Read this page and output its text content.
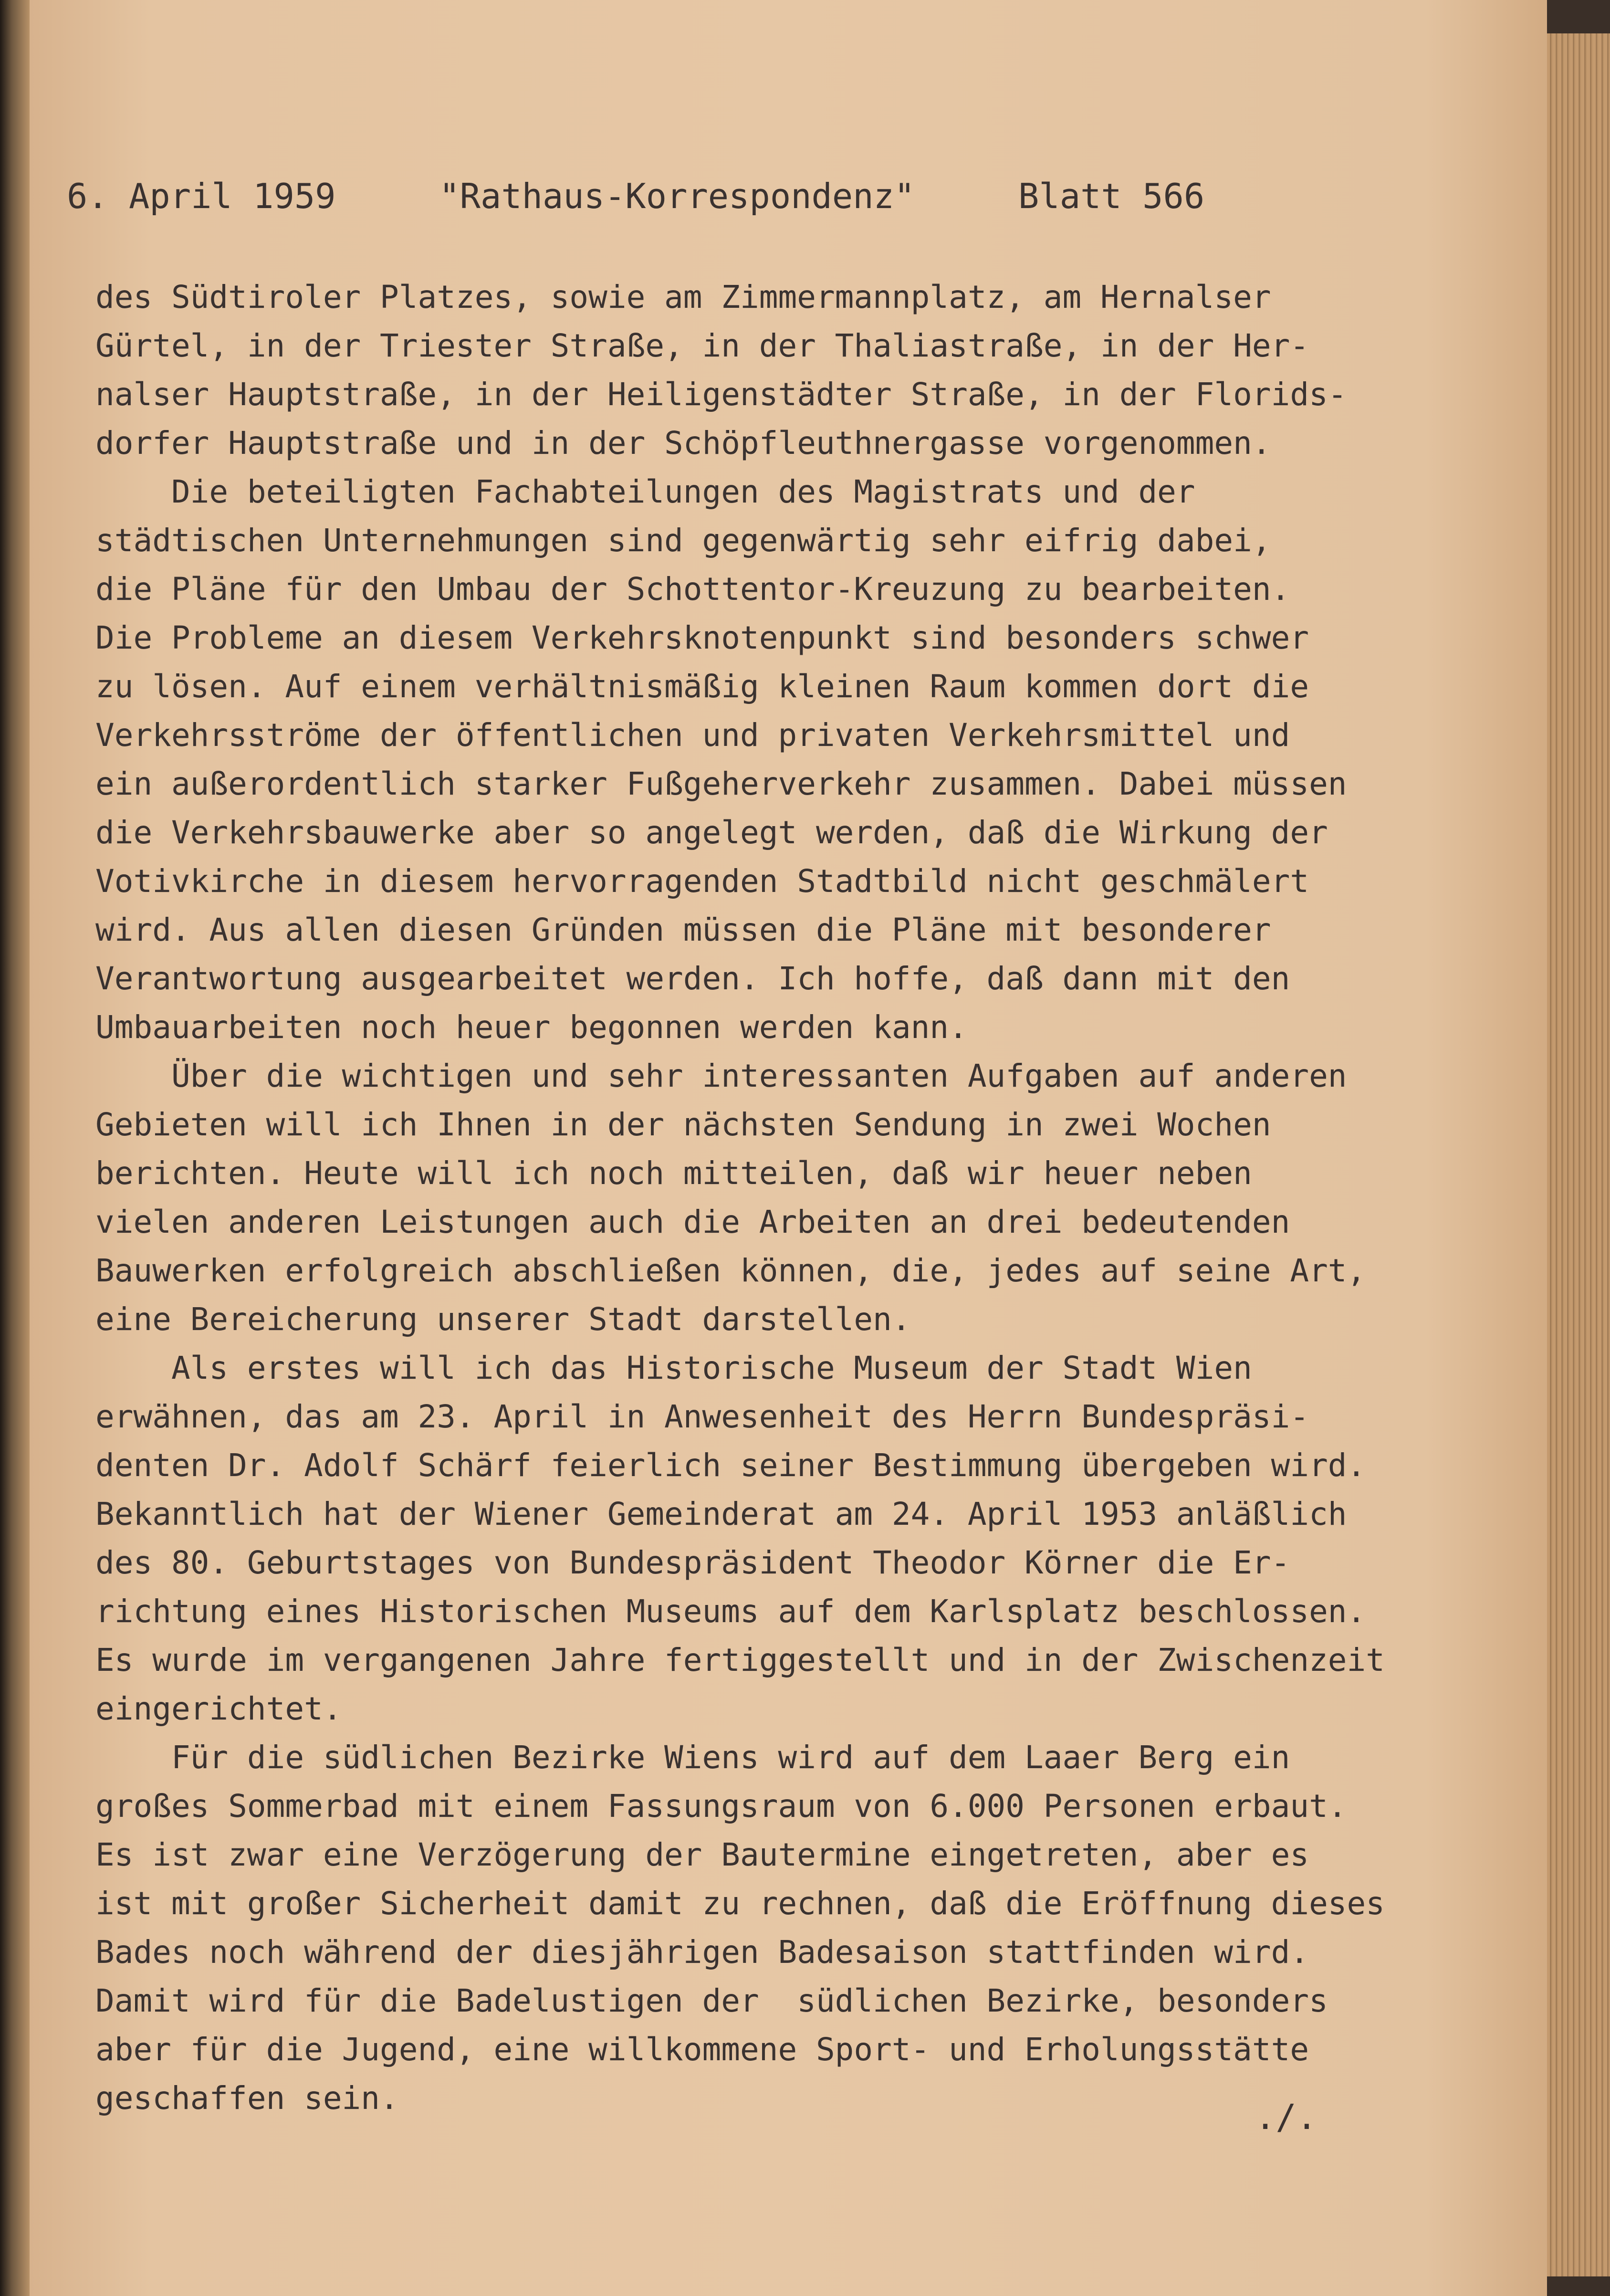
6. April 1959	"Rathaus-Korrespondenz"	Blatt 566
des Südtiroler Platzes, sowie am Zimmermannplatz, am Hernalser
Gürtel, in der Triester Straße, in der Thaliastraße, in der Her-
nalser Hauptstraße, in der Heiligenstädter Straße, in der Florids-
dorfer Hauptstraße und in der Schöpfleuthnergasse vorgenommen.
Die beteiligten Fachabteilungen des Magistrats und der
städtischen Unternehmungen sind gegenwärtig sehr eifrig dabei,
die Pläne für den Umbau der Schottentor-Kreuzung zu bearbeiten.
Die Probleme an diesem Verkehrsknotenpunkt sind besonders schwer
zu lösen. Auf einem verhältnismäßig kleinen Raum kommen dort die
Verkehrsströme der öffentlichen und privaten Verkehrsmittel und
ein außerordentlich starker Fußgeherverkehr zusammen. Dabei müssen
die Verkehrsbauwerke aber so angelegt werden, daß die Wirkung der
Votivkirche in diesem hervorragenden Stadtbild nicht geschmälert
wird. Aus allen diesen Gründen müssen die Pläne mit besonderer
Verantwortung ausgearbeitet werden. Ich hoffe, daß dann mit den
Umbauarbeiten noch heuer begonnen werden kann.
Über die wichtigen und sehr interessanten Aufgaben auf anderen
Gebieten will ich Ihnen in der nächsten Sendung in zwei Wochen
berichten. Heute will ich noch mitteilen, daß wir heuer neben
vielen anderen Leistungen auch die Arbeiten an drei bedeutenden
Bauwerken erfolgreich abschließen können, die, jedes auf seine Art,
eine Bereicherung unserer Stadt darstellen.
Als erstes will ich das Historische Museum der Stadt Wien
erwähnen, das am 23. April in Anwesenheit des Herrn Bundespräsi-
denten Dr. Adolf Schärf feierlich seiner Bestimmung übergeben wird.
Bekanntlich hat der Wiener Gemeinderat am 24. April 1953 anläßlich
des 80. Geburtstages von Bundespräsident Theodor Körner die Er-
richtung eines Historischen Museums auf dem Karlsplatz beschlossen.
Es wurde im vergangenen Jahre fertiggestellt und in der Zwischenzeit
eingerichtet.
Für die südlichen Bezirke Wiens wird auf dem Laaer Berg ein
großes Sommerbad mit einem Fassungsraum von 6.000 Personen erbaut.
Es ist zwar eine Verzögerung der Bautermine eingetreten, aber es
ist mit großer Sicherheit damit zu rechnen, daß die Eröffnung dieses
Bades noch während der diesjährigen Badesaison stattfinden wird.
Damit wird für die Badelustigen der  südlichen Bezirke, besonders
aber für die Jugend, eine willkommene Sport- und Erholungsstätte
geschaffen sein.	./.
